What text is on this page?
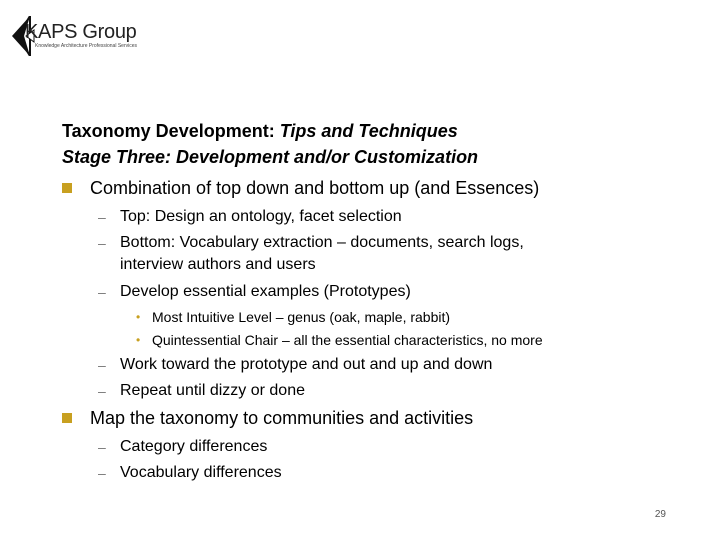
KAPS Group
Knowledge Architecture Professional Services
Taxonomy Development: Tips and Techniques
Stage Three: Development and/or Customization
Combination of top down and bottom up (and Essences)
– Top: Design an ontology, facet selection
– Bottom: Vocabulary extraction – documents, search logs,
interview authors and users
– Develop essential examples (Prototypes)
• Most Intuitive Level – genus (oak, maple, rabbit)
• Quintessential Chair – all the essential characteristics, no more
– Work toward the prototype and out and up and down
– Repeat until dizzy or done
Map the taxonomy to communities and activities
– Category differences
– Vocabulary differences
29
